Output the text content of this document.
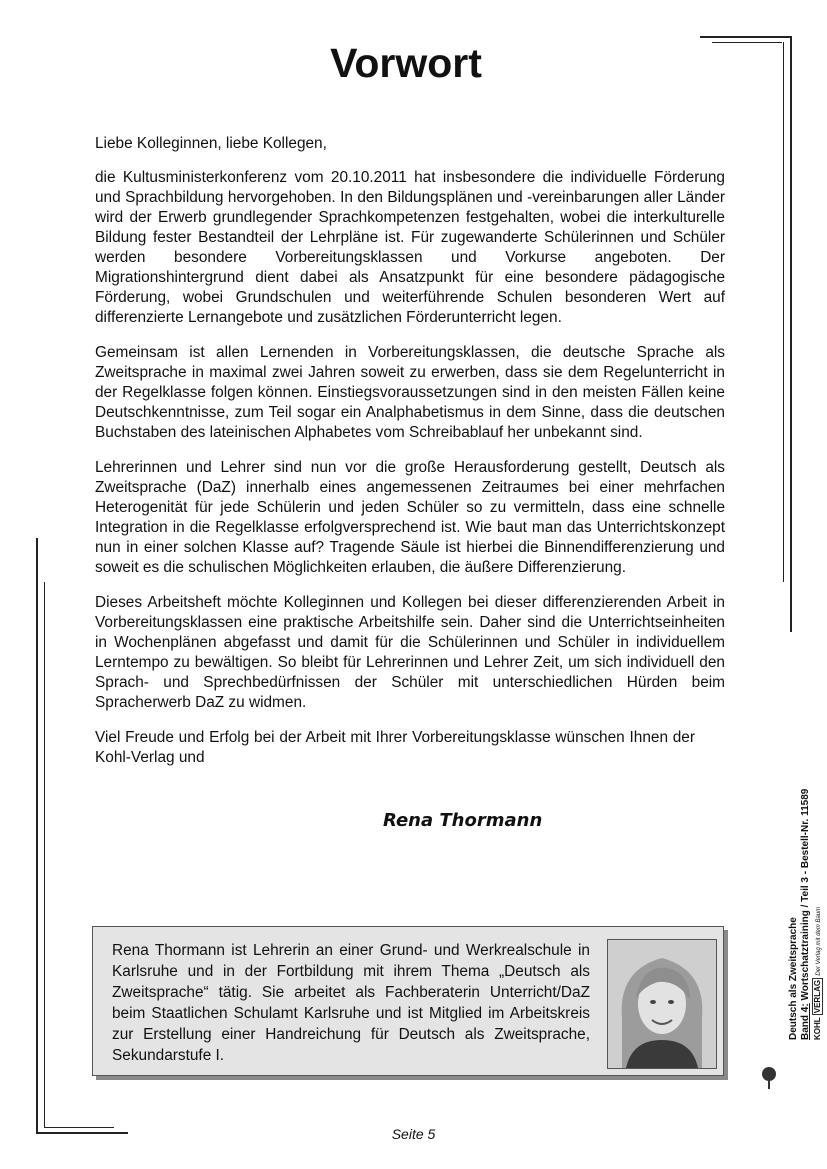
Vorwort

Liebe Kolleginnen, liebe Kollegen,

die Kultusministerkonferenz vom 20.10.2011 hat insbesondere die individuelle Förderung und Sprachbildung hervorgehoben. In den Bildungsplänen und -vereinbarungen aller Länder wird der Erwerb grundlegender Sprachkompetenzen festgehalten, wobei die interkulturelle Bildung fester Bestandteil der Lehrpläne ist. Für zugewanderte Schülerinnen und Schüler werden besondere Vorbereitungsklassen und Vorkurse angeboten. Der Migrationshintergrund dient dabei als Ansatzpunkt für eine besondere pädagogische Förderung, wobei Grundschulen und weiterführende Schulen besonderen Wert auf differenzierte Lernangebote und zusätzlichen Förderunterricht legen.

Gemeinsam ist allen Lernenden in Vorbereitungsklassen, die deutsche Sprache als Zweitsprache in maximal zwei Jahren soweit zu erwerben, dass sie dem Regelunterricht in der Regelklasse folgen können. Einstiegsvoraussetzungen sind in den meisten Fällen keine Deutschkenntnisse, zum Teil sogar ein Analphabetismus in dem Sinne, dass die deutschen Buchstaben des lateinischen Alphabetes vom Schreibablauf her unbekannt sind.

Lehrerinnen und Lehrer sind nun vor die große Herausforderung gestellt, Deutsch als Zweitsprache (DaZ) innerhalb eines angemessenen Zeitraumes bei einer mehrfachen Heterogenität für jede Schülerin und jeden Schüler so zu vermitteln, dass eine schnelle Integration in die Regelklasse erfolgversprechend ist. Wie baut man das Unterrichtskonzept nun in einer solchen Klasse auf? Tragende Säule ist hierbei die Binnendifferenzierung und soweit es die schulischen Möglichkeiten erlauben, die äußere Differenzierung.

Dieses Arbeitsheft möchte Kolleginnen und Kollegen bei dieser differenzierenden Arbeit in Vorbereitungsklassen eine praktische Arbeitshilfe sein. Daher sind die Unterrichtseinheiten in Wochenplänen abgefasst und damit für die Schülerinnen und Schüler in individuellem Lerntempo zu bewältigen. So bleibt für Lehrerinnen und Lehrer Zeit, um sich individuell den Sprach- und Sprechbedürfnissen der Schüler mit unterschiedlichen Hürden beim Spracherwerb DaZ zu widmen.

Viel Freude und Erfolg bei der Arbeit mit Ihrer Vorbereitungsklasse wünschen Ihnen der Kohl-Verlag und

Rena Thormann
Rena Thormann ist Lehrerin an einer Grund- und Werkrealschule in Karlsruhe und in der Fortbildung mit ihrem Thema „Deutsch als Zweitsprache“ tätig. Sie arbeitet als Fachberaterin Unterricht/DaZ beim Staatlichen Schulamt Karlsruhe und ist Mitglied im Arbeitskreis zur Erstellung einer Handreichung für Deutsch als Zweitsprache, Sekundarstufe I.
Seite 5
Deutsch als Zweitsprache Band 4: Wortschatztraining / Teil 3 - Bestell-Nr. 11589
KOHL VERLAG Der Verlag mit dem Baum
